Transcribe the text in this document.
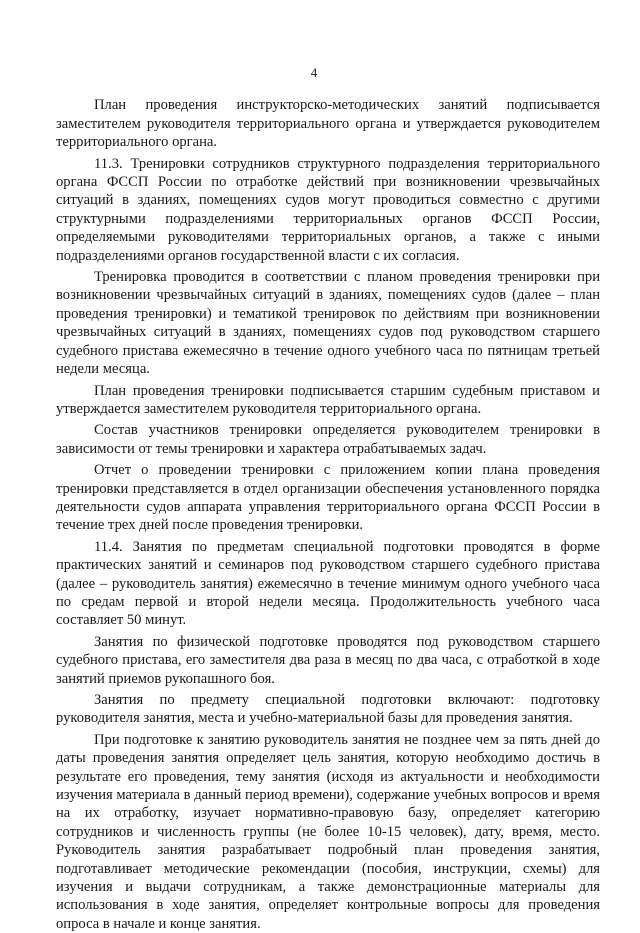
4

План проведения инструкторско-методических занятий подписывается заместителем руководителя территориального органа и утверждается руководителем территориального органа.

11.3. Тренировки сотрудников структурного подразделения территориального органа ФССП России по отработке действий при возникновении чрезвычайных ситуаций в зданиях, помещениях судов могут проводиться совместно с другими структурными подразделениями территориальных органов ФССП России, определяемыми руководителями территориальных органов, а также с иными подразделениями органов государственной власти с их согласия.

Тренировка проводится в соответствии с планом проведения тренировки при возникновении чрезвычайных ситуаций в зданиях, помещениях судов (далее – план проведения тренировки) и тематикой тренировок по действиям при возникновении чрезвычайных ситуаций в зданиях, помещениях судов под руководством старшего судебного пристава ежемесячно в течение одного учебного часа по пятницам третьей недели месяца.

План проведения тренировки подписывается старшим судебным приставом и утверждается заместителем руководителя территориального органа.

Состав участников тренировки определяется руководителем тренировки в зависимости от темы тренировки и характера отрабатываемых задач.

Отчет о проведении тренировки с приложением копии плана проведения тренировки представляется в отдел организации обеспечения установленного порядка деятельности судов аппарата управления территориального органа ФССП России в течение трех дней после проведения тренировки.

11.4. Занятия по предметам специальной подготовки проводятся в форме практических занятий и семинаров под руководством старшего судебного пристава (далее – руководитель занятия) ежемесячно в течение минимум одного учебного часа по средам первой и второй недели месяца. Продолжительность учебного часа составляет 50 минут.

Занятия по физической подготовке проводятся под руководством старшего судебного пристава, его заместителя два раза в месяц по два часа, с отработкой в ходе занятий приемов рукопашного боя.

Занятия по предмету специальной подготовки включают: подготовку руководителя занятия, места и учебно-материальной базы для проведения занятия.

При подготовке к занятию руководитель занятия не позднее чем за пять дней до даты проведения занятия определяет цель занятия, которую необходимо достичь в результате его проведения, тему занятия (исходя из актуальности и необходимости изучения материала в данный период времени), содержание учебных вопросов и время на их отработку, изучает нормативно-правовую базу, определяет категорию сотрудников и численность группы (не более 10-15 человек), дату, время, место. Руководитель занятия разрабатывает подробный план проведения занятия, подготавливает методические рекомендации (пособия, инструкции, схемы) для изучения и выдачи сотрудникам, а также демонстрационные материалы для использования в ходе занятия, определяет контрольные вопросы для проведения опроса в начале и конце занятия.
